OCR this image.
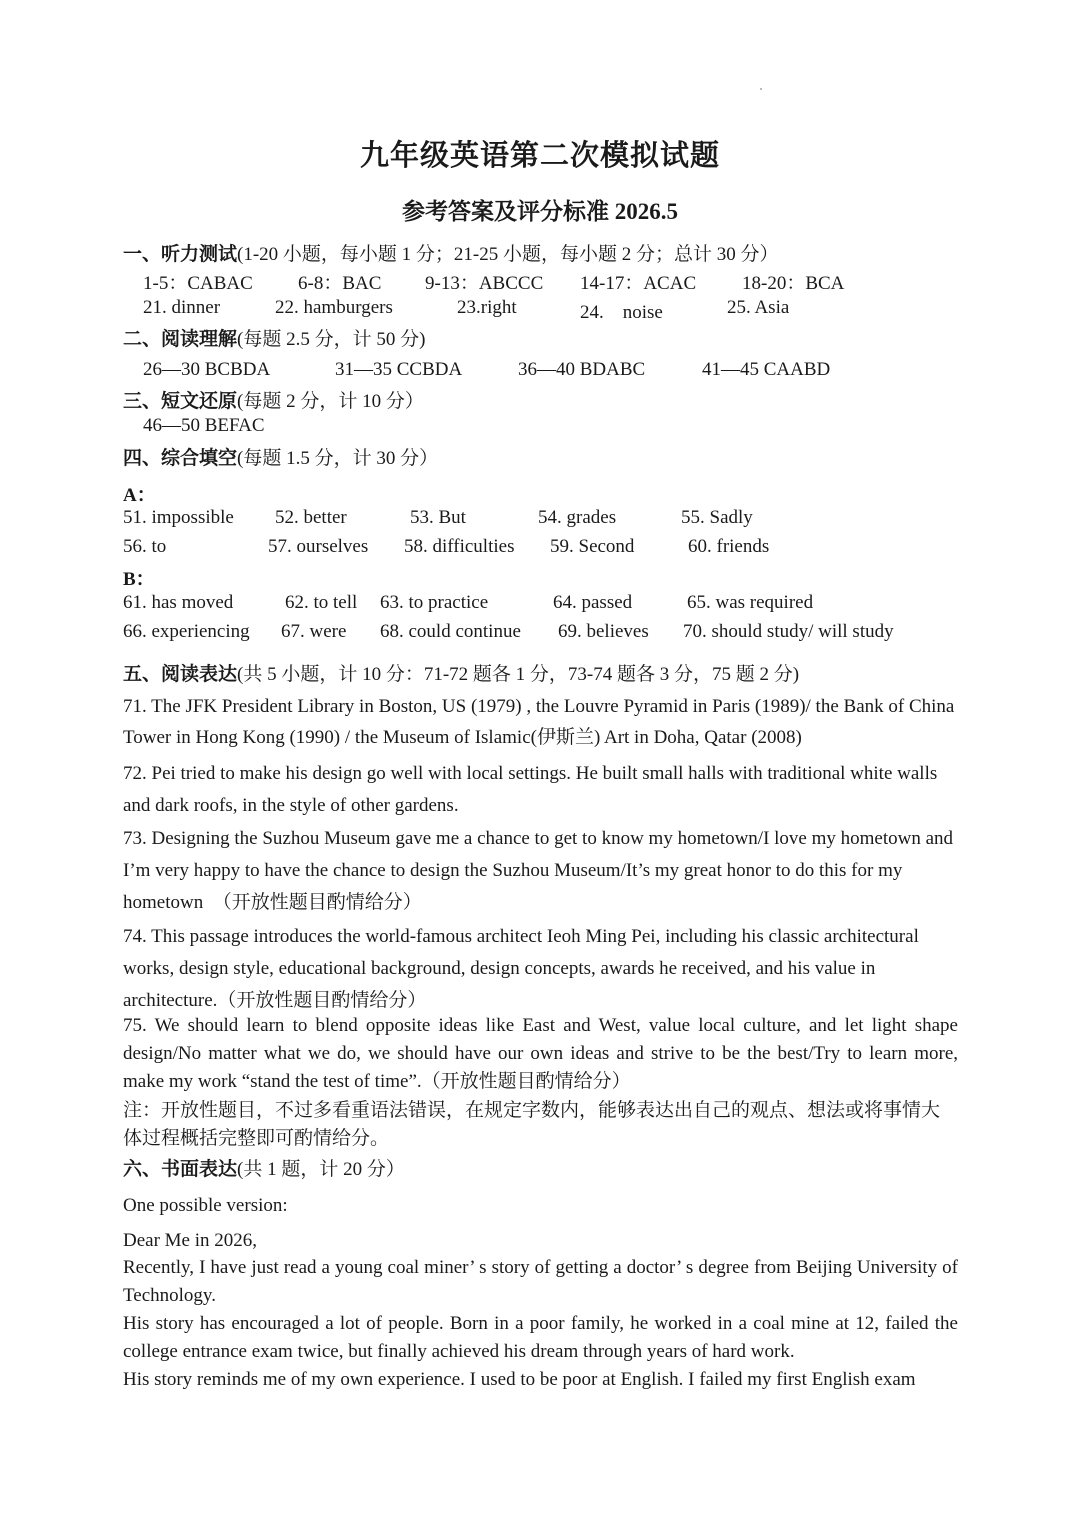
九年级英语第二次模拟试题
参考答案及评分标准 2026.5
一、听力测试(1-20 小题，每小题 1 分；21-25 小题，每小题 2 分；总计 30 分）
1-5：CABAC 6-8：BAC 9-13：ABCCC 14-17：ACAC 18-20：BCA
21. dinner	22. hamburgers	23.right	24.　noise	25. Asia
二、阅读理解(每题 2.5 分，计 50 分)
26—30 BCBDA	31—35 CCBDA	36—40 BDABC	41—45 CAABD
三、短文还原(每题 2 分，计 10 分）
46—50 BEFAC
四、综合填空(每题 1.5 分，计 30 分）
A：
51. impossible 52. better	53. But	54. grades	55. Sadly
56. to	57. ourselves 58. difficulties 59. Second	60. friends
B：
61. has moved	62. to tell 63. to practice	64. passed	65. was required
66. experiencing 67. were 68. could continue 69. believes 70. should study/ will study
五、阅读表达(共 5 小题，计 10 分：71-72 题各 1 分，73-74 题各 3 分，75 题 2 分)
71. The JFK President Library in Boston, US (1979) , the Louvre Pyramid in Paris (1989)/ the Bank of China Tower in Hong Kong (1990) / the Museum of Islamic(伊斯兰) Art in Doha, Qatar (2008)
72. Pei tried to make his design go well with local settings. He built small halls with traditional white walls and dark roofs, in the style of other gardens.
73. Designing the Suzhou Museum gave me a chance to get to know my hometown/I love my hometown and I’m very happy to have the chance to design the Suzhou Museum/It’s my great honor to do this for my hometown　（开放性题目酌情给分）
74. This passage introduces the world-famous architect Ieoh Ming Pei, including his classic architectural works, design style, educational background, design concepts, awards he received, and his value in architecture.（开放性题目酌情给分）
75. We should learn to blend opposite ideas like East and West, value local culture, and let light shape design/No matter what we do, we should have our own ideas and strive to be the best/Try to learn more, make my work “stand the test of time”.（开放性题目酌情给分）
注：开放性题目，不过多看重语法错误，在规定字数内，能够表达出自己的观点、想法或将事情大体过程概括完整即可酌情给分。
六、书面表达(共 1 题，计 20 分）
One possible version:
Dear Me in 2026,
Recently, I have just read a young coal miner’ s story of getting a doctor’ s degree from Beijing University of Technology.
His story has encouraged a lot of people. Born in a poor family, he worked in a coal mine at 12, failed the college entrance exam twice, but finally achieved his dream through years of hard work.
His story reminds me of my own experience. I used to be poor at English. I failed my first English exam
